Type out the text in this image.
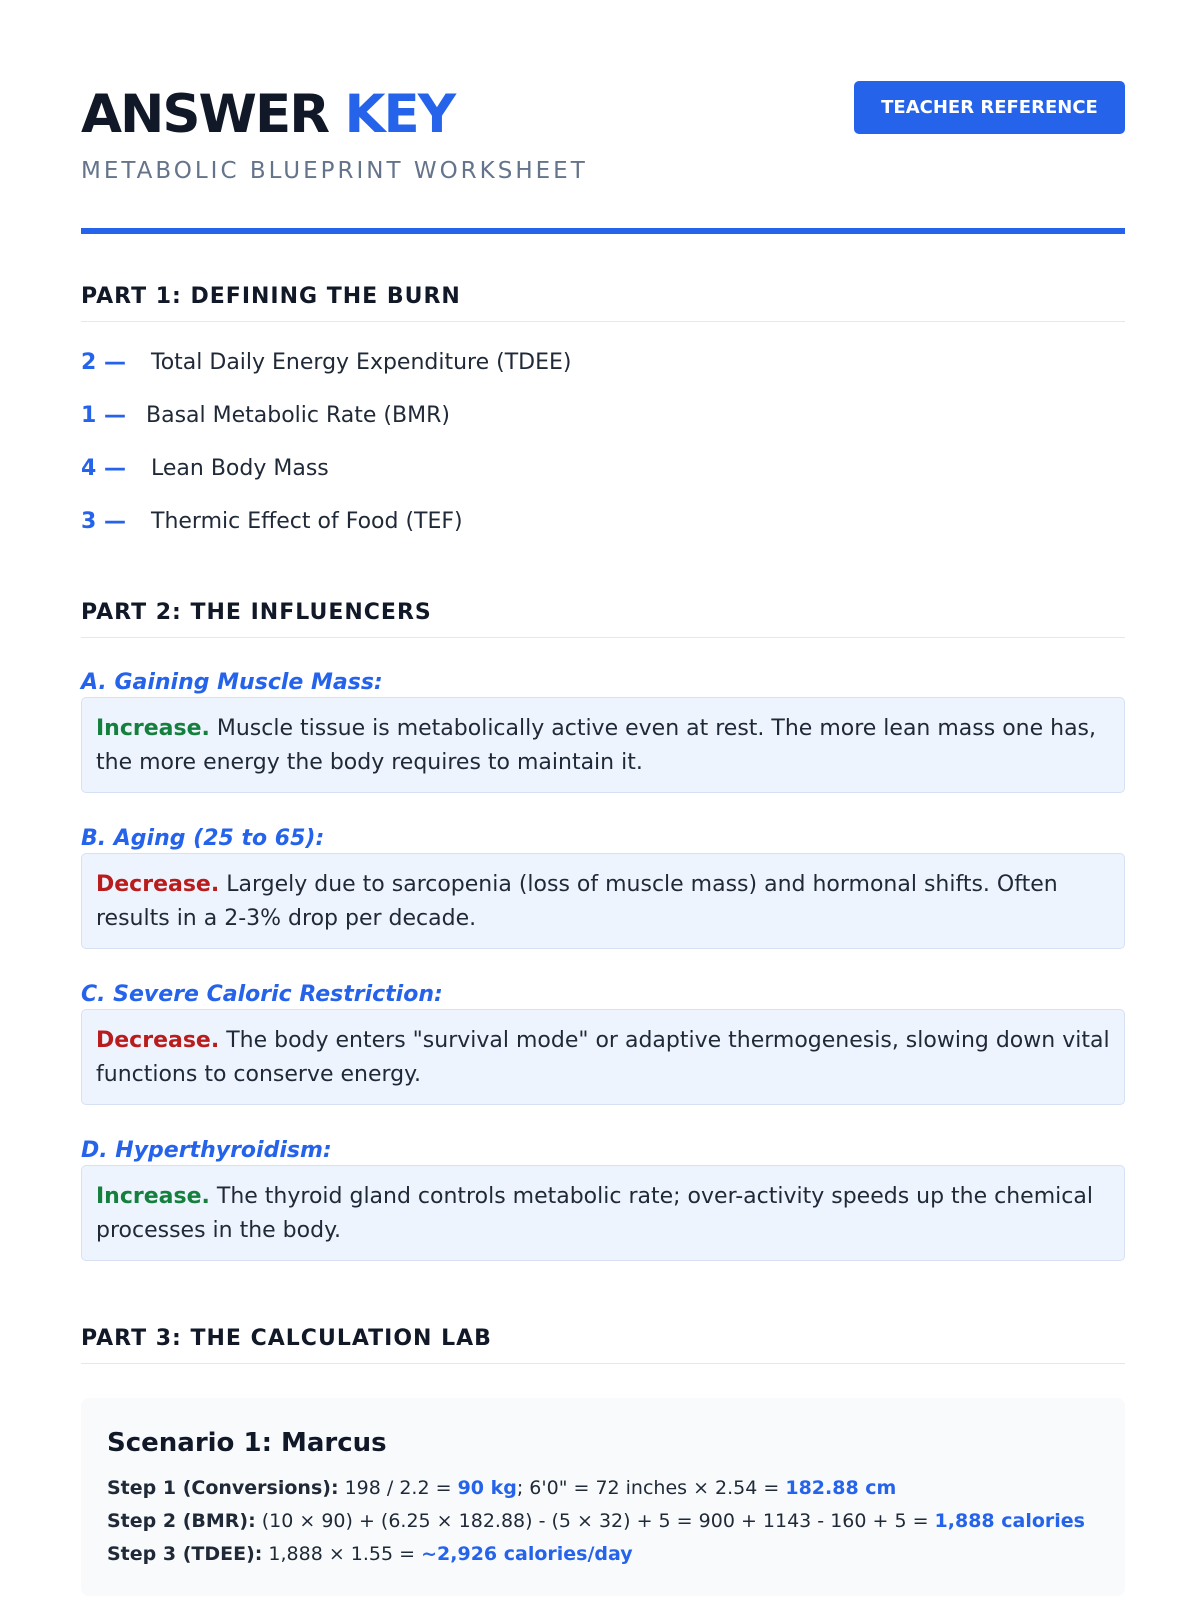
ANSWER KEY
METABOLIC BLUEPRINT WORKSHEET
TEACHER REFERENCE
PART 1: DEFINING THE BURN
2 —	Total Daily Energy Expenditure (TDEE)
1 — Basal Metabolic Rate (BMR)
4 —	Lean Body Mass
3 —	Thermic Effect of Food (TEF)
PART 2: THE INFLUENCERS
A. Gaining Muscle Mass:
Increase. Muscle tissue is metabolically active even at rest. The more lean mass one has, the more energy the body requires to maintain it.
B. Aging (25 to 65):
Decrease. Largely due to sarcopenia (loss of muscle mass) and hormonal shifts. Often results in a 2-3% drop per decade.
C. Severe Caloric Restriction:
Decrease. The body enters "survival mode" or adaptive thermogenesis, slowing down vital functions to conserve energy.
D. Hyperthyroidism:
Increase. The thyroid gland controls metabolic rate; over-activity speeds up the chemical processes in the body.
PART 3: THE CALCULATION LAB
Scenario 1: Marcus
Step 1 (Conversions): 198 / 2.2 = 90 kg; 6'0" = 72 inches × 2.54 = 182.88 cm
Step 2 (BMR): (10 × 90) + (6.25 × 182.88) - (5 × 32) + 5 = 900 + 1143 - 160 + 5 = 1,888 calories
Step 3 (TDEE): 1,888 × 1.55 = ~2,926 calories/day
